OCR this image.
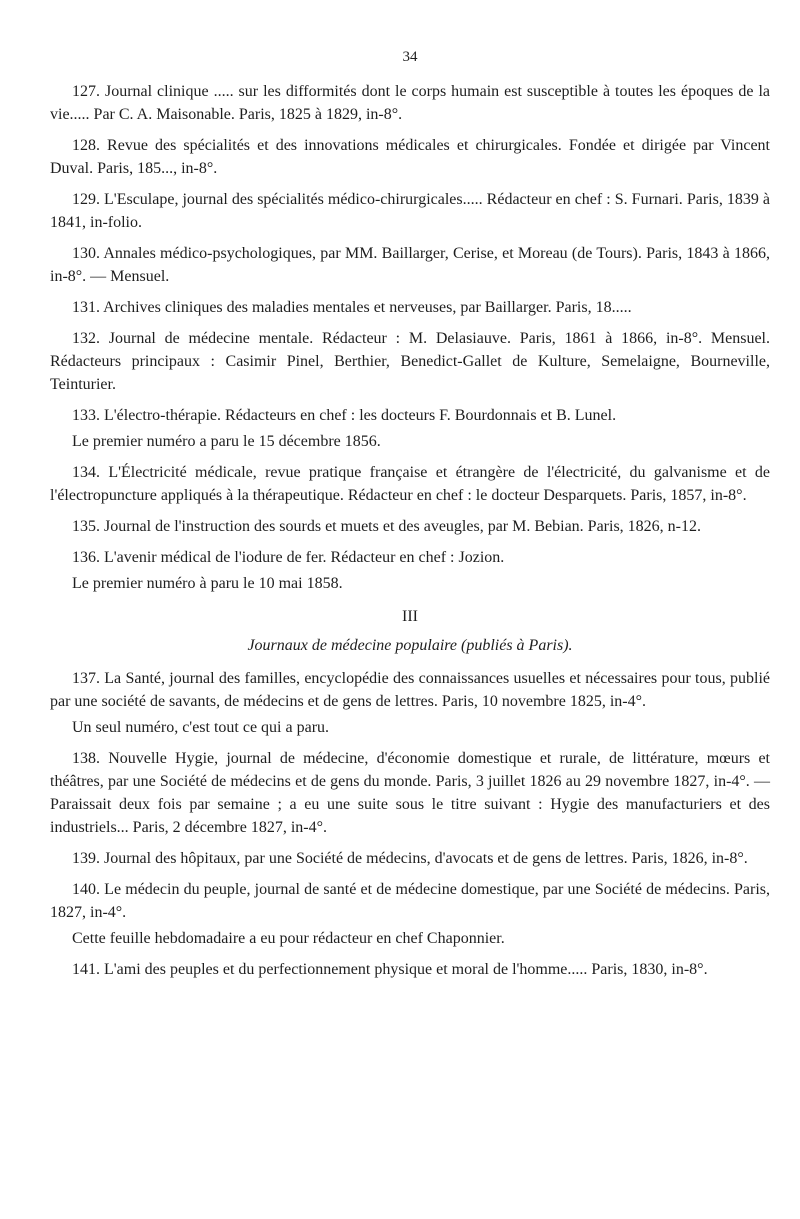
34

127. Journal clinique ..... sur les difformités dont le corps humain est susceptible à toutes les époques de la vie..... Par C. A. Maisonable. Paris, 1825 à 1829, in-8°.

128. Revue des spécialités et des innovations médicales et chirurgicales. Fondée et dirigée par Vincent Duval. Paris, 185..., in-8°.

129. L'Esculape, journal des spécialités médico-chirurgicales..... Rédacteur en chef : S. Furnari. Paris, 1839 à 1841, in-folio.

130. Annales médico-psychologiques, par MM. Baillarger, Cerise, et Moreau (de Tours). Paris, 1843 à 1866, in-8°. — Mensuel.

131. Archives cliniques des maladies mentales et nerveuses, par Baillarger. Paris, 18.....

132. Journal de médecine mentale. Rédacteur : M. Delasiauve. Paris, 1861 à 1866, in-8°. Mensuel. Rédacteurs principaux : Casimir Pinel, Berthier, Benedict-Gallet de Kulture, Semelaigne, Bourneville, Teinturier.

133. L'électro-thérapie. Rédacteurs en chef : les docteurs F. Bourdonnais et B. Lunel.

Le premier numéro a paru le 15 décembre 1856.

134. L'Électricité médicale, revue pratique française et étrangère de l'électricité, du galvanisme et de l'électropuncture appliqués à la thérapeutique. Rédacteur en chef : le docteur Desparquets. Paris, 1857, in-8°.

135. Journal de l'instruction des sourds et muets et des aveugles, par M. Bebian. Paris, 1826, n-12.

136. L'avenir médical de l'iodure de fer. Rédacteur en chef : Jozion.

Le premier numéro à paru le 10 mai 1858.

III
Journaux de médecine populaire (publiés à Paris).

137. La Santé, journal des familles, encyclopédie des connaissances usuelles et nécessaires pour tous, publié par une société de savants, de médecins et de gens de lettres. Paris, 10 novembre 1825, in-4°.

Un seul numéro, c'est tout ce qui a paru.

138. Nouvelle Hygie, journal de médecine, d'économie domestique et rurale, de littérature, mœurs et théâtres, par une Société de médecins et de gens du monde. Paris, 3 juillet 1826 au 29 novembre 1827, in-4°. — Paraissait deux fois par semaine ; a eu une suite sous le titre suivant : Hygie des manufacturiers et des industriels... Paris, 2 décembre 1827, in-4°.

139. Journal des hôpitaux, par une Société de médecins, d'avocats et de gens de lettres. Paris, 1826, in-8°.

140. Le médecin du peuple, journal de santé et de médecine domestique, par une Société de médecins. Paris, 1827, in-4°.

Cette feuille hebdomadaire a eu pour rédacteur en chef Chaponnier.

141. L'ami des peuples et du perfectionnement physique et moral de l'homme..... Paris, 1830, in-8°.
